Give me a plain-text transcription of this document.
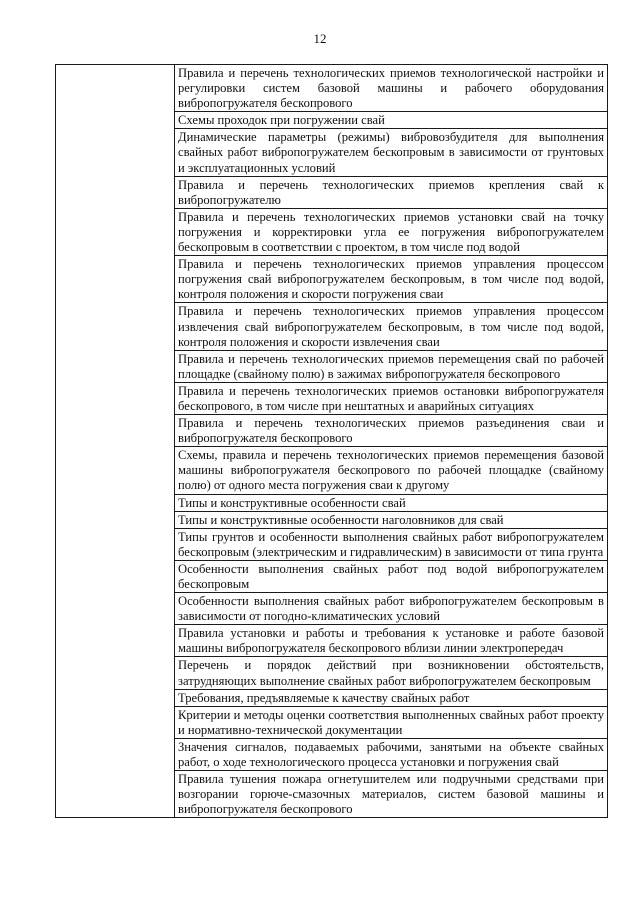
12
	Правила и перечень технологических приемов технологической настройки и регулировки систем базовой машины и рабочего оборудования вибропогружателя бескопрового
Схемы проходок при погружении свай
Динамические параметры (режимы) вибровозбудителя для выполнения свайных работ вибропогружателем бескопровым в зависимости от грунтовых и эксплуатационных условий
Правила и перечень технологических приемов крепления свай к вибропогружателю
Правила и перечень технологических приемов установки свай на точку погружения и корректировки угла ее погружения вибропогружателем бескопровым в соответствии с проектом, в том числе под водой
Правила и перечень технологических приемов управления процессом погружения свай вибропогружателем бескопровым, в том числе под водой, контроля положения и скорости погружения сваи
Правила и перечень технологических приемов управления процессом извлечения свай вибропогружателем бескопровым, в том числе под водой, контроля положения и скорости извлечения сваи
Правила и перечень технологических приемов перемещения свай по рабочей площадке (свайному полю) в зажимах вибропогружателя бескопрового
Правила и перечень технологических приемов остановки вибропогружателя бескопрового, в том числе при нештатных и аварийных ситуациях
Правила и перечень технологических приемов разъединения сваи и вибропогружателя бескопрового
Схемы, правила и перечень технологических приемов перемещения базовой машины вибропогружателя бескопрового по рабочей площадке (свайному полю) от одного места погружения сваи к другому
Типы и конструктивные особенности свай
Типы и конструктивные особенности наголовников для свай
Типы грунтов и особенности выполнения свайных работ вибропогружателем бескопровым (электрическим и гидравлическим) в зависимости от типа грунта
Особенности выполнения свайных работ под водой вибропогружателем бескопровым
Особенности выполнения свайных работ вибропогружателем бескопровым в зависимости от погодно-климатических условий
Правила установки и работы и требования к установке и работе базовой машины вибропогружателя бескопрового вблизи линии электропередач
Перечень и порядок действий при возникновении обстоятельств, затрудняющих выполнение свайных работ вибропогружателем бескопровым
Требования, предъявляемые к качеству свайных работ
Критерии и методы оценки соответствия выполненных свайных работ проекту и нормативно-технической документации
Значения сигналов, подаваемых рабочими, занятыми на объекте свайных работ, о ходе технологического процесса установки и погружения свай
Правила тушения пожара огнетушителем или подручными средствами при возгорании горюче-смазочных материалов, систем базовой машины и вибропогружателя бескопрового
